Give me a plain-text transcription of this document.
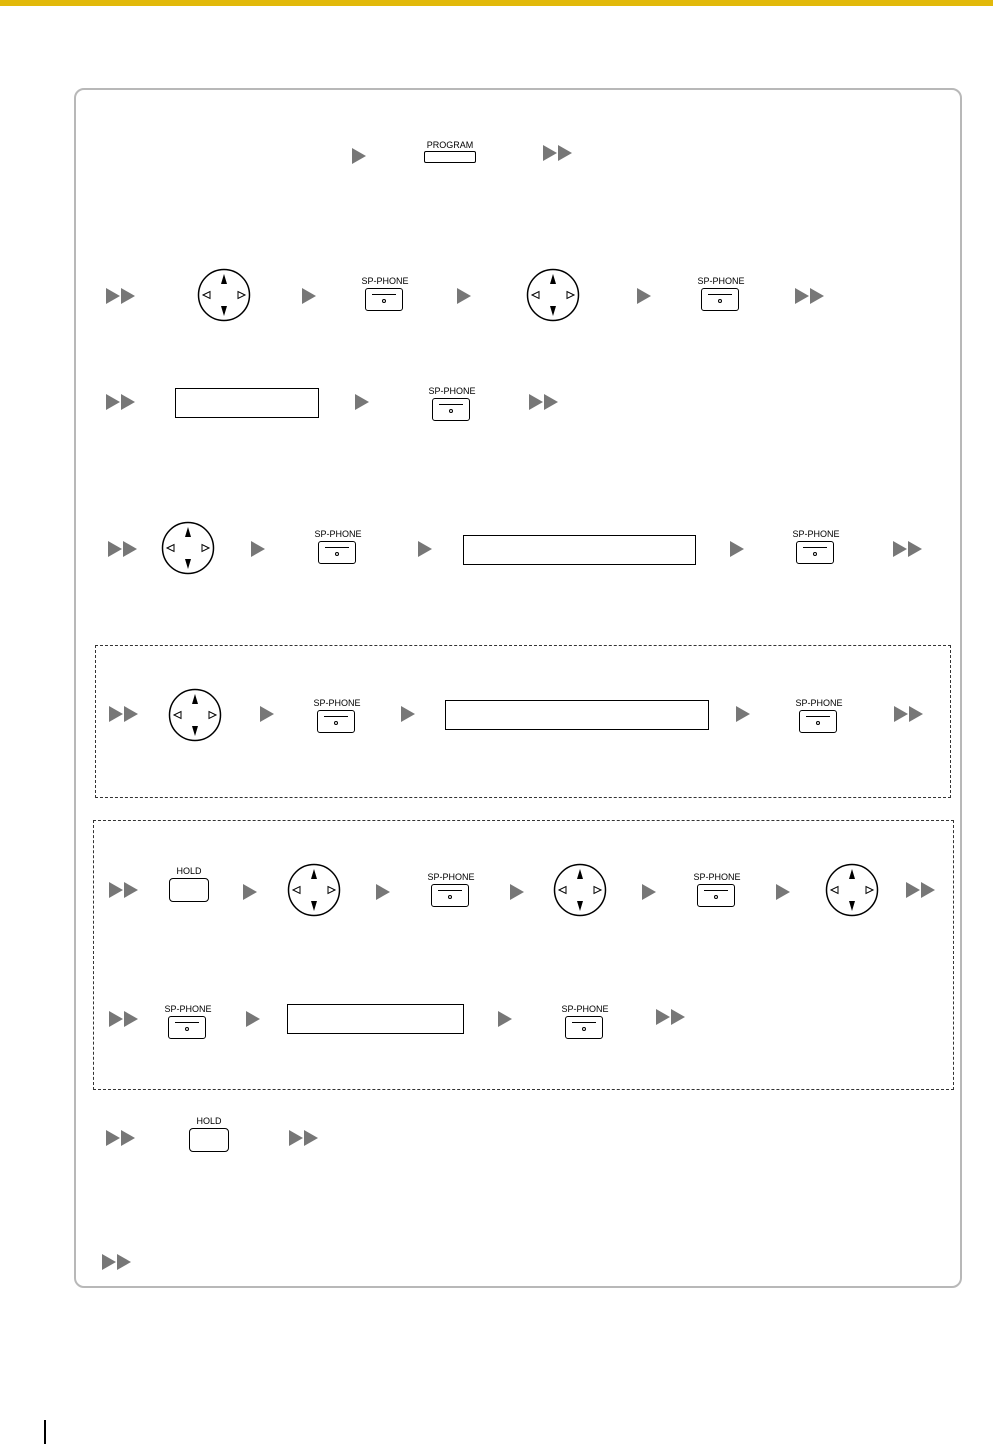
PROGRAM
SP-PHONE	SP-PHONE
SP-PHONE
SP-PHONE	SP-PHONE
SP-PHONE	SP-PHONE
HOLD
SP-PHONE	SP-PHONE
SP-PHONE	SP-PHONE
HOLD
